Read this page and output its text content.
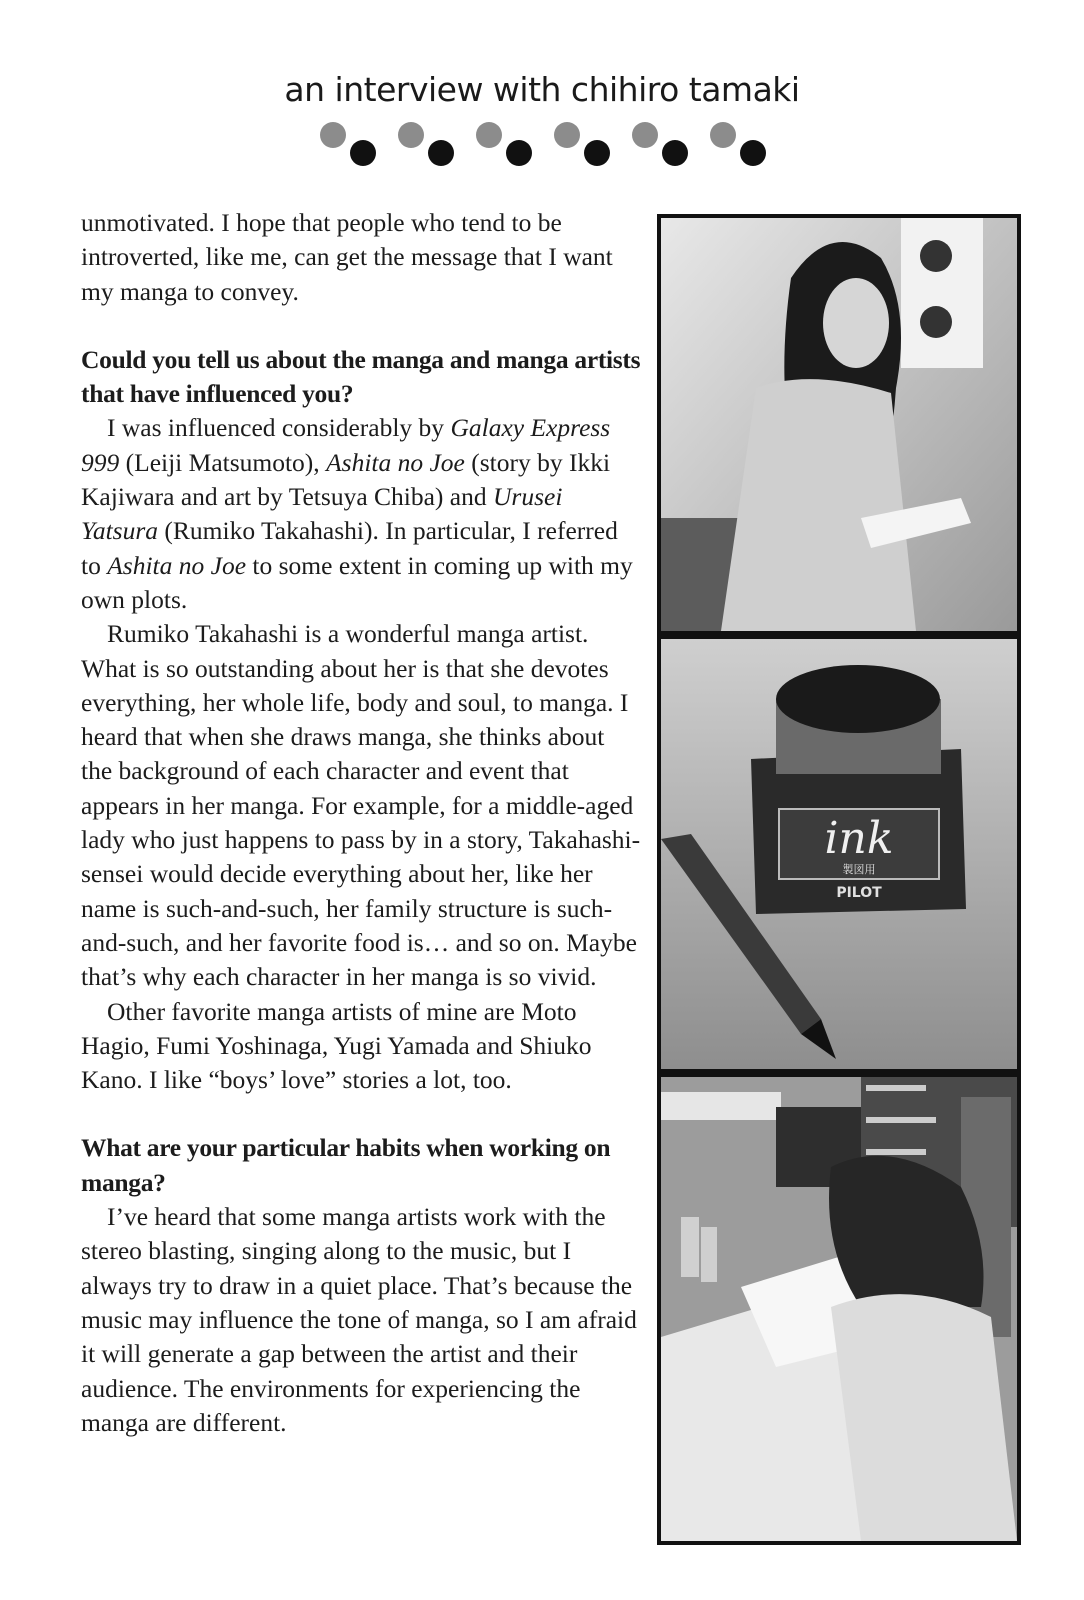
an interview with chihiro tamaki

unmotivated. I hope that people who tend to be introverted, like me, can get the message that I want my manga to convey.

Could you tell us about the manga and manga artists that have influenced you?

I was influenced considerably by Galaxy Express 999 (Leiji Matsumoto), Ashita no Joe (story by Ikki Kajiwara and art by Tetsuya Chiba) and Urusei Yatsura (Rumiko Takahashi). In particular, I referred to Ashita no Joe to some extent in coming up with my own plots.

Rumiko Takahashi is a wonderful manga artist. What is so outstanding about her is that she devotes everything, her whole life, body and soul, to manga. I heard that when she draws manga, she thinks about the background of each character and event that appears in her manga. For example, for a middle-aged lady who just happens to pass by in a story, Takahashi-sensei would decide everything about her, like her name is such-and-such, her family structure is such-and-such, and her favorite food is… and so on. Maybe that’s why each character in her manga is so vivid.

Other favorite manga artists of mine are Moto Hagio, Fumi Yoshinaga, Yugi Yamada and Shiuko Kano. I like “boys’ love” stories a lot, too.

What are your particular habits when working on manga?

I’ve heard that some manga artists work with the stereo blasting, singing along to the music, but I always try to draw in a quiet place. That’s because the music may influence the tone of manga, so I am afraid it will generate a gap between the artist and their audience. The environments for experiencing the manga are different.

ink
製図用
PILOT
